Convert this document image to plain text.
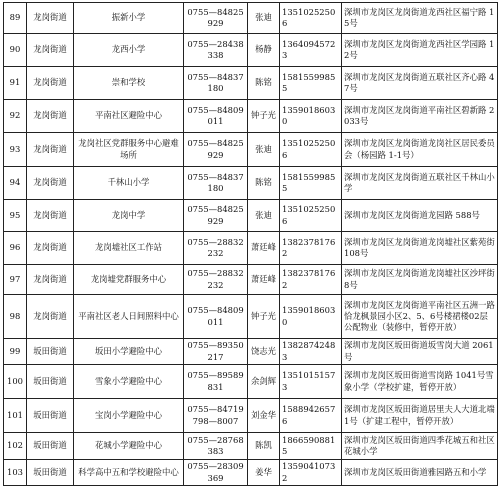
89	龙岗街道	振新小学	0755—84825929	张迪	13510252506	深圳市龙岗区龙岗街道龙西社区福宁路 15号
90	龙岗街道	龙西小学	0755—28438338	杨静	13640945723	深圳市龙岗区龙岗街道龙西社区学园路 12号
91	龙岗街道	崇和学校	0755—84837180	陈铭	15815599855	深圳市龙岗区龙岗街道五联社区齐心路 47号
92	龙岗街道	平南社区避险中心	0755—84809011	钟子光	13590186030	深圳市龙岗区龙岗街道平南社区碧新路 2033号
93	龙岗街道	龙岗社区党群服务中心避难场所	0755—84825929	张迪	13510252506	深圳市龙岗区龙岗街道龙岗社区居民委员会（杨园路 1-1号）
94	龙岗街道	千林山小学	0755—84837180	陈铭	15815599855	深圳市龙岗区龙岗街道五联社区千林山小学
95	龙岗街道	龙岗中学	0755—84825929	张迪	13510252506	深圳市龙岗区龙岗街道龙园路 588号
96	龙岗街道	龙岗墟社区工作站	0755—28832232	萧廷峰	13823781762	深圳市龙岗区龙岗街道龙岗墟社区紫苑街 108号
97	龙岗街道	龙岗墟党群服务中心	0755—28832232	萧廷峰	13823781762	深圳市龙岗区龙岗街道龙岗墟社区沙坪街 8号
98	龙岗街道	平南社区老人日间照料中心	0755—84809011	钟子光	13590186030	深圳市龙岗区龙岗街道平南社区五洲一路恰龙枫景园小区2、5、6号楼裙楼02层公配物业（装修中，暂停开放）
99	坂田街道	坂田小学避险中心	0755—89350217	饶志光	13828742483	深圳市龙岗区坂田街道坂雪岗大道 2061号
100	坂田街道	雪象小学避险中心	0755—89589831	余剑辉	13510151573	深圳市龙岗区坂田街道雪岗路 1041号雪象小学（学校扩建，暂停开放）
101	坂田街道	宝岗小学避险中心	0755—84719798—8007	刘金华	15889426576	深圳市龙岗区坂田街道居里夫人大道北端 1号（扩建工程中，暂停开放）
102	坂田街道	花城小学避险中心	0755—28768383	陈凯	18665908815	深圳市龙岗区坂田街道四季花城五和社区花城小学
103	坂田街道	科学高中五和学校避险中心	0755—28309369	姜华	13590410732	深圳市龙岗区坂田街道雅园路五和小学
